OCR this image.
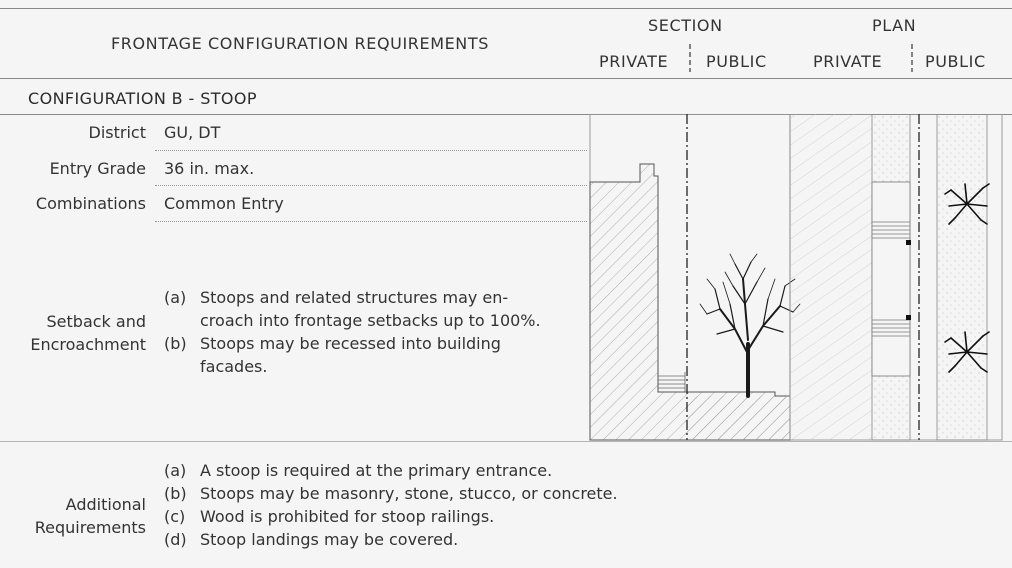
FRONTAGE CONFIGURATION REQUIREMENTS
SECTION	PLAN
PRIVATE PUBLIC	PRIVATE	PUBLIC
CONFIGURATION B - STOOP
District GU, DT
Entry Grade 36 in. max.
Combinations Common Entry
Setback and
Encroachment
(a) Stoops and related structures may en-
croach into frontage setbacks up to 100%.
(b) Stoops may be recessed into building
facades.
Additional
Requirements
(a) A stoop is required at the primary entrance.
(b) Stoops may be masonry, stone, stucco, or concrete.
(c) Wood is prohibited for stoop railings.
(d) Stoop landings may be covered.
